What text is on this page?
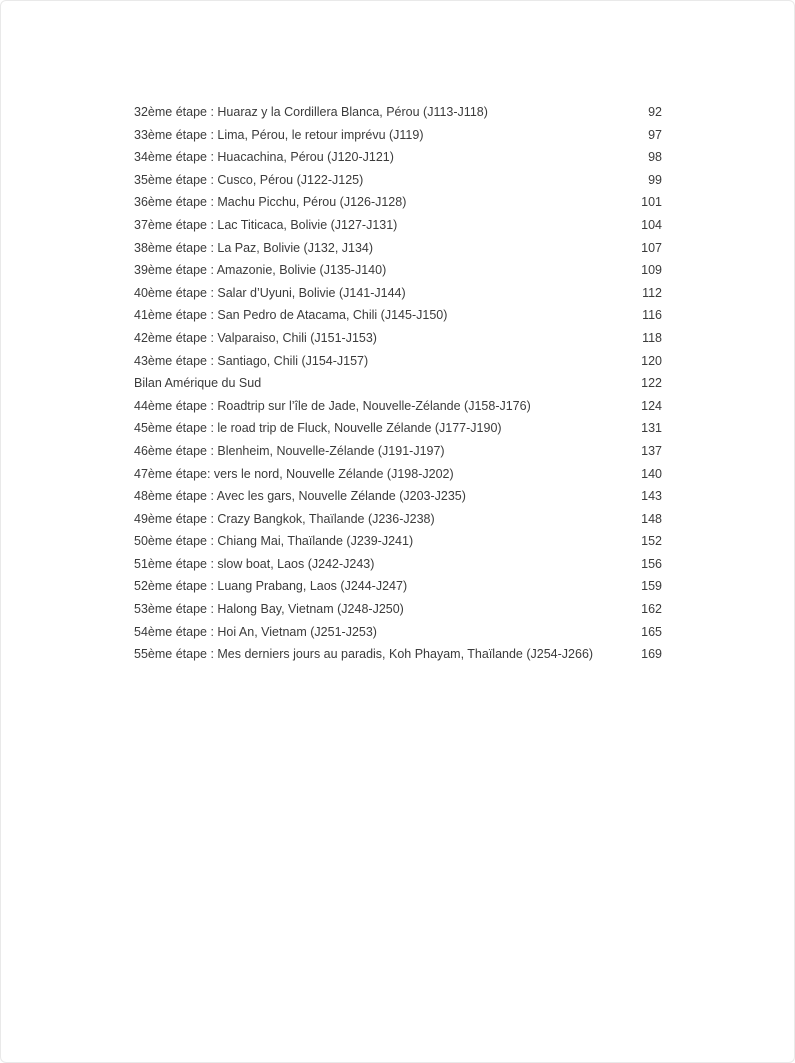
32ème étape : Huaraz y la Cordillera Blanca, Pérou (J113-J118) . . .	92
33ème étape : Lima, Pérou, le retour imprévu (J119) . . .	97
34ème étape : Huacachina, Pérou (J120-J121) . . .	98
35ème étape : Cusco, Pérou (J122-J125) . . .	99
36ème étape : Machu Picchu, Pérou (J126-J128) . . .	101
37ème étape : Lac Titicaca, Bolivie (J127-J131) . . .	104
38ème étape : La Paz, Bolivie (J132, J134) . . .	107
39ème étape : Amazonie, Bolivie (J135-J140) . . .	109
40ème étape : Salar d’Uyuni, Bolivie (J141-J144) . . .	112
41ème étape : San Pedro de Atacama, Chili (J145-J150) . . .	116
42ème étape : Valparaiso, Chili (J151-J153) . . .	118
43ème étape : Santiago, Chili (J154-J157) . . .	120
Bilan Amérique du Sud . . .	122
44ème étape : Roadtrip sur l’île de Jade, Nouvelle-Zélande (J158-J176) . . .	124
45ème étape : le road trip de Fluck, Nouvelle Zélande (J177-J190) . . .	131
46ème étape : Blenheim, Nouvelle-Zélande (J191-J197) . . .	137
47ème étape: vers le nord, Nouvelle Zélande (J198-J202) . . .	140
48ème étape : Avec les gars, Nouvelle Zélande (J203-J235) . . .	143
49ème étape : Crazy Bangkok, Thaïlande (J236-J238) . . .	148
50ème étape : Chiang Mai, Thaïlande (J239-J241) . . .	152
51ème étape : slow boat, Laos (J242-J243) . . .	156
52ème étape : Luang Prabang, Laos (J244-J247) . . .	159
53ème étape : Halong Bay, Vietnam (J248-J250) . . .	162
54ème étape : Hoi An, Vietnam (J251-J253) . . .	165
55ème étape : Mes derniers jours au paradis, Koh Phayam, Thaïlande (J254-J266) . . .	169
